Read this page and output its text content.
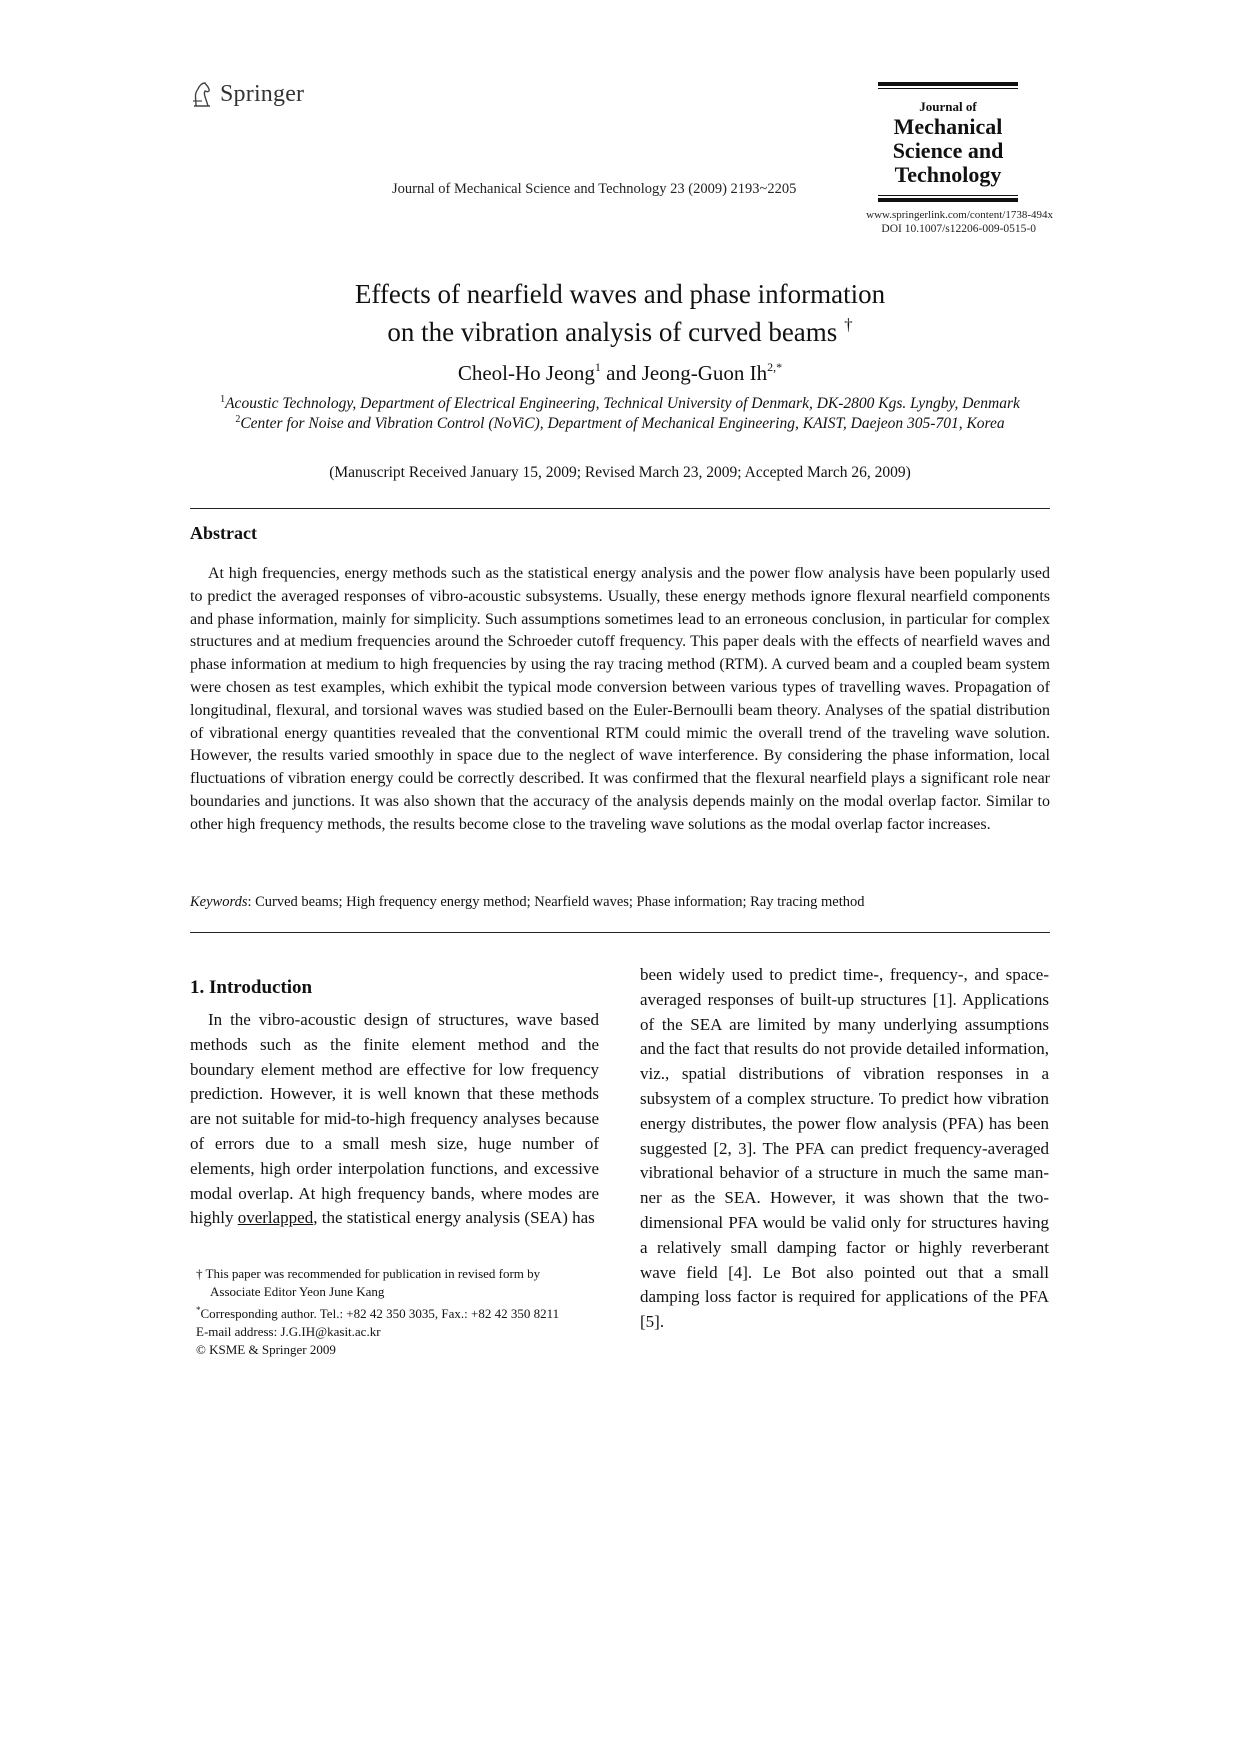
Springer
Journal of Mechanical Science and Technology 23 (2009) 2193~2205
Journal of
Mechanical
Science and
Technology
www.springerlink.com/content/1738-494x
DOI 10.1007/s12206-009-0515-0
Effects of nearfield waves and phase information
on the vibration analysis of curved beams †
Cheol-Ho Jeong$^1$ and Jeong-Guon $Ih^{2,*}$
$^1$Acoustic Technology, Department of Electrical Engineering, Technical University of Denmark, DK-2800 Kgs. Lyngby, Denmark
$^2$Center for Noise and Vibration Control (NoViC), Department of Mechanical Engineering, KAIST, Daejeon 305-701, Korea
(Manuscript Received January 15, 2009; Revised March 23, 2009; Accepted March 26, 2009)
Abstract
At high frequencies, energy methods such as the statistical energy analysis and the power flow analysis have been popularly used to predict the averaged responses of vibro-acoustic subsystems. Usually, these energy methods ignore flexural nearfield components and phase information, mainly for simplicity. Such assumptions sometimes lead to an erroneous conclusion, in particular for complex structures and at medium frequencies around the Schroeder cutoff frequency. This paper deals with the effects of nearfield waves and phase information at medium to high frequencies by using the ray tracing method (RTM). A curved beam and a coupled beam system were chosen as test examples, which exhibit the typical mode conversion between various types of travelling waves. Propagation of longitudinal, flexural, and torsional waves was studied based on the Euler-Bernoulli beam theory. Analyses of the spatial distribution of vibrational energy quantities revealed that the conventional RTM could mimic the overall trend of the traveling wave solution. However, the results varied smoothly in space due to the neglect of wave interference. By considering the phase information, local fluctuations of vibration energy could be correctly described. It was confirmed that the flexural nearfield plays a significant role near boundaries and junctions. It was also shown that the accuracy of the analysis depends mainly on the modal overlap factor. Similar to other high frequency methods, the results become close to the traveling wave solutions as the modal overlap factor increases.
Keywords: Curved beams; High frequency energy method; Nearfield waves; Phase information; Ray tracing method
1. Introduction
In the vibro-acoustic design of structures, wave based methods such as the finite element method and the boundary element method are effective for low frequency prediction. However, it is well known that these methods are not suitable for mid-to-high frequency analyses because of errors due to a small mesh size, huge number of elements, high order interpolation functions, and excessive modal overlap. At high frequency bands, where modes are highly overlapped, the statistical energy analysis (SEA) has
been widely used to predict time-, frequency-, and space-averaged responses of built-up structures [1]. Applications of the SEA are limited by many underlying assumptions and the fact that results do not provide detailed information, viz., spatial distributions of vibration responses in a subsystem of a complex structure. To predict how vibration energy distributes, the power flow analysis (PFA) has been suggested [2, 3]. The PFA can predict frequency-averaged vibrational behavior of a structure in much the same manner as the SEA. However, it was shown that the two-dimensional PFA would be valid only for structures having a relatively small damping factor or highly reverberant wave field [4]. Le Bot also pointed out that a small damping loss factor is required for applications of the PFA [5].
† This paper was recommended for publication in revised form by
Associate Editor Yeon June Kang
*Corresponding author. Tel.: +82 42 350 3035, Fax.: +82 42 350 8211
E-mail address: J.G.IH@kasit.ac.kr
© KSME & Springer 2009
